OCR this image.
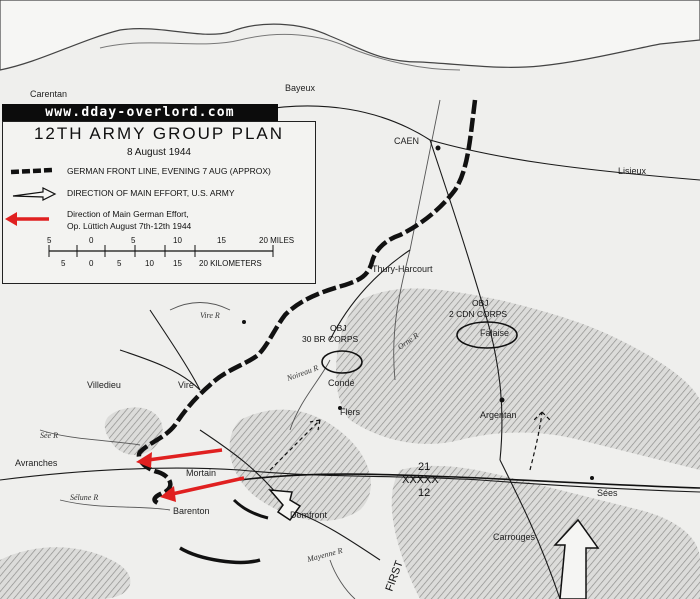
Carentan
Bayeux
CAEN
Lisieux
Thury-Harcourt
Villedieu	Vire
Vire R
Condé
Flers
Falaise
Argentan
Avranches
Mortain
Barenton	Domfront
Carrouges
Sées
Sée R
Sélune R
Noireau R
Orne R
Mayenne R
FIRST
OBJ
30 BR CORPS
OBJ
2 CDN CORPS
21
XXXXX
12
www.dday-overlord.com
5	0	5	10	15	20 MILES
5	0	5	10 15 20 KILOMETERS
12TH ARMY GROUP PLAN
8 August 1944
GERMAN FRONT LINE, EVENING 7 AUG (APPROX)
DIRECTION OF MAIN EFFORT, U.S. ARMY
Direction of Main German Effort,
Op. Lüttich August 7th-12th 1944
